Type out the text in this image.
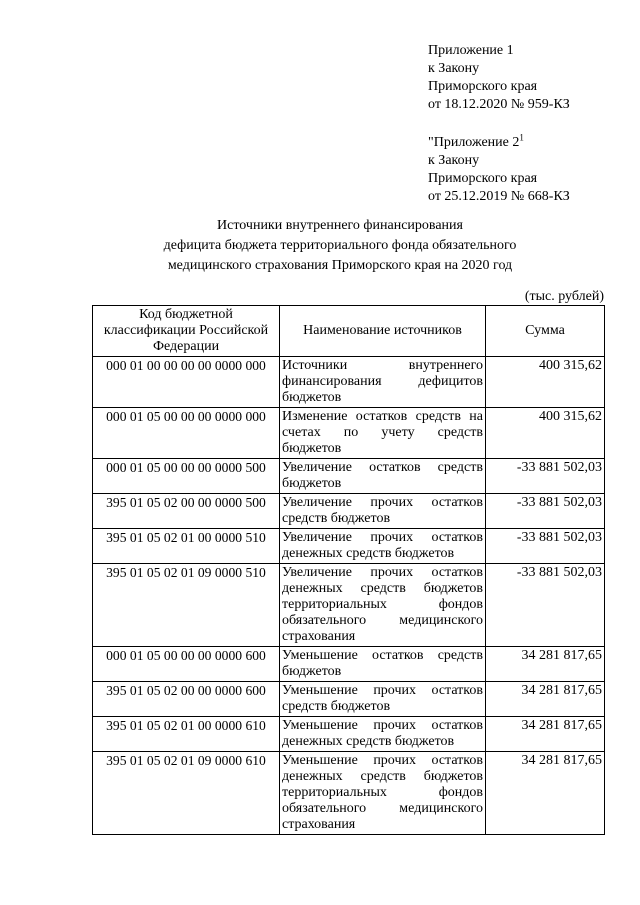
Приложение 1
к Закону
Приморского края
от 18.12.2020 № 959-КЗ
"Приложение $2^1$
к Закону
Приморского края
от 25.12.2019 № 668-КЗ
Источники внутреннего финансирования
дефицита бюджета территориального фонда обязательного
медицинского страхования Приморского края на 2020 год
(тыс. рублей)
Код бюджетной классификации Российской Федерации	Наименование источников	Сумма
000 01 00 00 00 00 0000 000	Источники внутреннего финансирования дефицитов бюджетов	400 315,62
000 01 05 00 00 00 0000 000	Изменение остатков средств на счетах по учету средств бюджетов	400 315,62
000 01 05 00 00 00 0000 500	Увеличение остатков средств бюджетов	-33 881 502,03
395 01 05 02 00 00 0000 500	Увеличение прочих остатков средств бюджетов	-33 881 502,03
395 01 05 02 01 00 0000 510	Увеличение прочих остатков денежных средств бюджетов	-33 881 502,03
395 01 05 02 01 09 0000 510	Увеличение прочих остатков денежных средств бюджетов территориальных фондов обязательного медицинского страхования	-33 881 502,03
000 01 05 00 00 00 0000 600	Уменьшение остатков средств бюджетов	34 281 817,65
395 01 05 02 00 00 0000 600	Уменьшение прочих остатков средств бюджетов	34 281 817,65
395 01 05 02 01 00 0000 610	Уменьшение прочих остатков денежных средств бюджетов	34 281 817,65
395 01 05 02 01 09 0000 610	Уменьшение прочих остатков денежных средств бюджетов территориальных фондов обязательного медицинского страхования	34 281 817,65
